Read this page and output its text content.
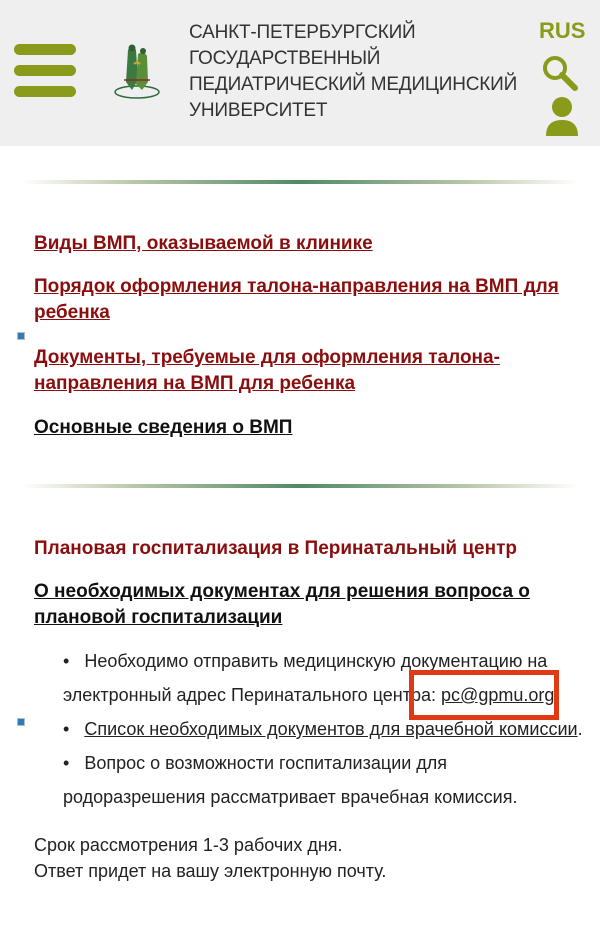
САНКТ-ПЕТЕРБУРГСКИЙ
ГОСУДАРСТВЕННЫЙ
ПЕДИАТРИЧЕСКИЙ МЕДИЦИНСКИЙ
УНИВЕРСИТЕТ
RUS
Виды ВМП, оказываемой в клинике
Порядок оформления талона-направления на ВМП для
ребенка
Документы, требуемые для оформления талона-
направления на ВМП для ребенка
Основные сведения о ВМП
Плановая госпитализация в Перинатальный центр
О необходимых документах для решения вопроса о
плановой госпитализации
• Необходимо отправить медицинскую документацию на
электронный адрес Перинатального центра: pc@gpmu.org
• Список необходимых документов для врачебной комиссии.
• Вопрос о возможности госпитализации для
родоразрешения рассматривает врачебная комиссия.
Срок рассмотрения 1-3 рабочих дня.
Ответ придет на вашу электронную почту.
